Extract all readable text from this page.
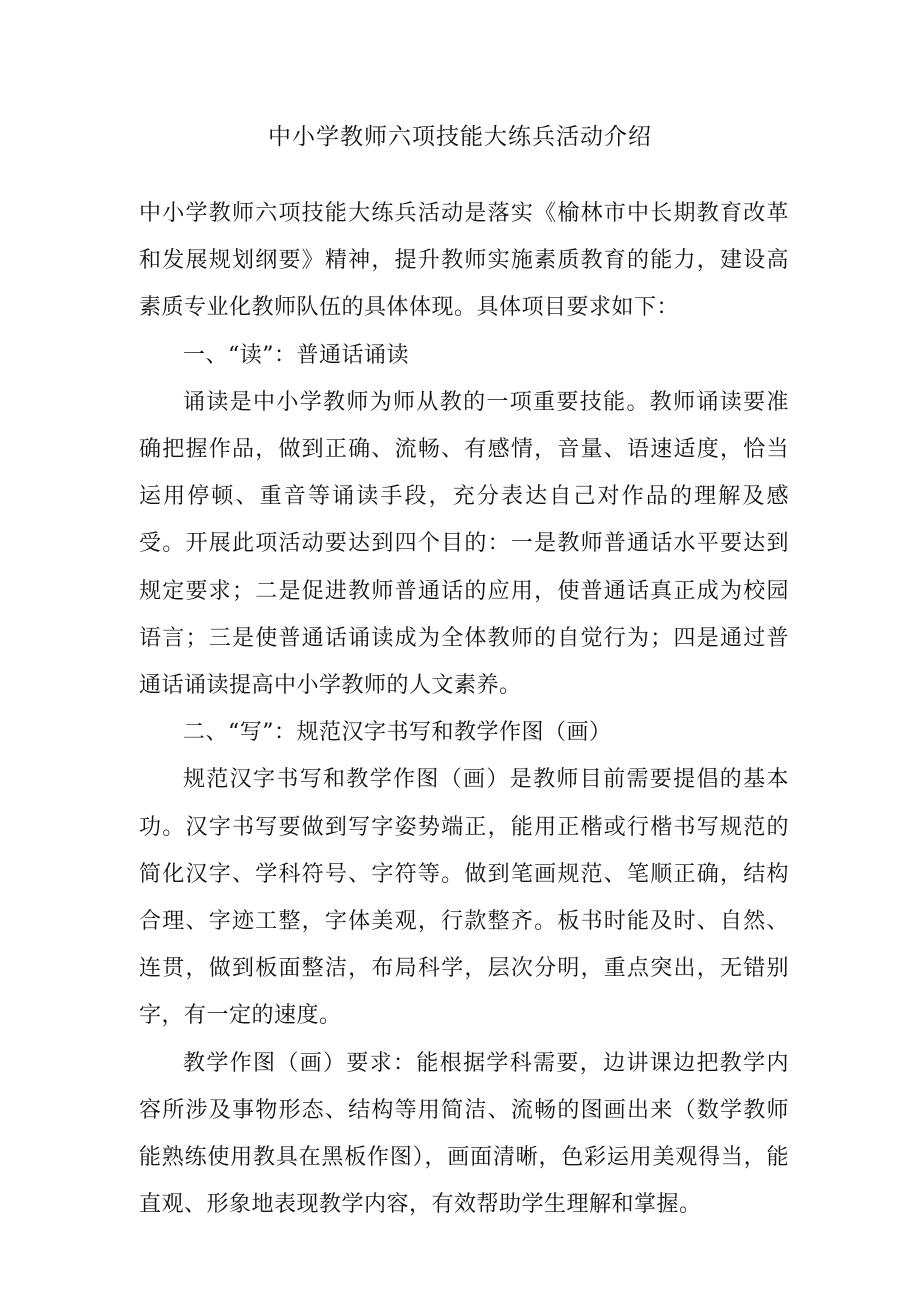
中小学教师六项技能大练兵活动介绍

中小学教师六项技能大练兵活动是落实《榆林市中长期教育改革和发展规划纲要》精神，提升教师实施素质教育的能力，建设高素质专业化教师队伍的具体体现。具体项目要求如下：

一、“读”：普通话诵读

诵读是中小学教师为师从教的一项重要技能。教师诵读要准确把握作品，做到正确、流畅、有感情，音量、语速适度，恰当运用停顿、重音等诵读手段，充分表达自己对作品的理解及感受。开展此项活动要达到四个目的：一是教师普通话水平要达到规定要求；二是促进教师普通话的应用，使普通话真正成为校园语言；三是使普通话诵读成为全体教师的自觉行为；四是通过普通话诵读提高中小学教师的人文素养。

二、“写”：规范汉字书写和教学作图（画）

规范汉字书写和教学作图（画）是教师目前需要提倡的基本功。汉字书写要做到写字姿势端正，能用正楷或行楷书写规范的简化汉字、学科符号、字符等。做到笔画规范、笔顺正确，结构合理、字迹工整，字体美观，行款整齐。板书时能及时、自然、连贯，做到板面整洁，布局科学，层次分明，重点突出，无错别字，有一定的速度。

教学作图（画）要求：能根据学科需要，边讲课边把教学内容所涉及事物形态、结构等用简洁、流畅的图画出来（数学教师能熟练使用教具在黑板作图），画面清晰，色彩运用美观得当，能直观、形象地表现教学内容，有效帮助学生理解和掌握。
